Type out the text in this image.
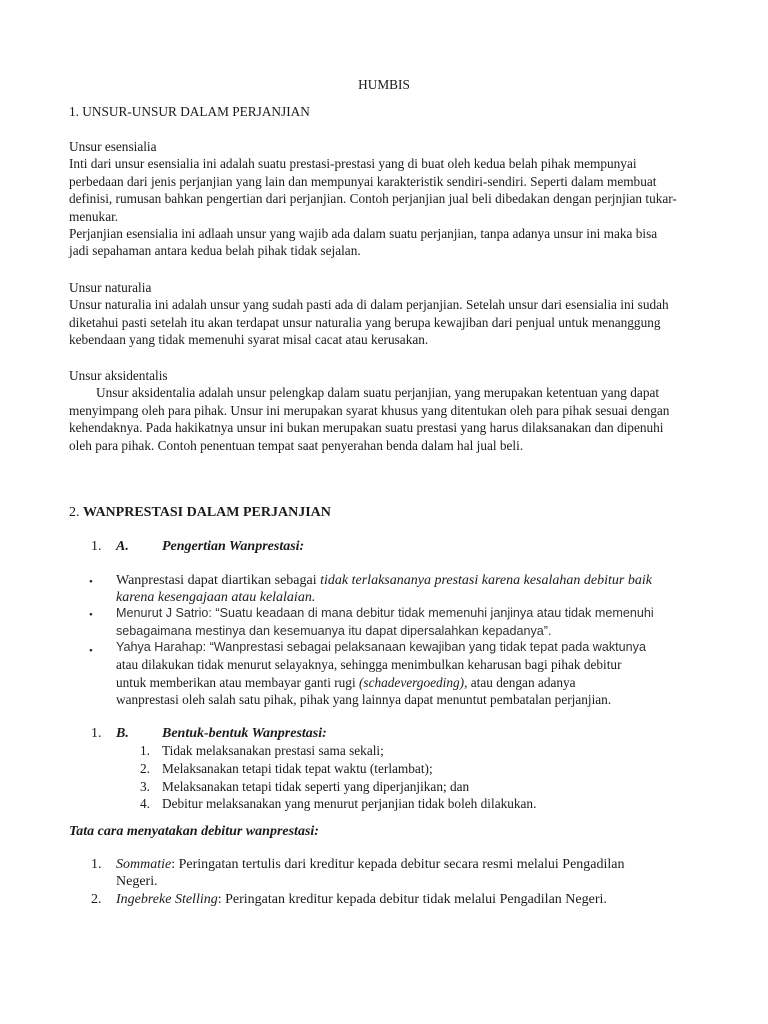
HUMBIS
1. UNSUR-UNSUR DALAM PERJANJIAN
Unsur esensialia
Inti dari unsur esensialia ini adalah suatu prestasi-prestasi yang di buat oleh kedua belah pihak mempunyai
perbedaan dari jenis perjanjian yang lain dan mempunyai karakteristik sendiri-sendiri. Seperti dalam membuat
definisi, rumusan bahkan pengertian dari perjanjian. Contoh perjanjian jual beli dibedakan dengan perjnjian tukar-
menukar.
Perjanjian esensialia ini adlaah unsur yang wajib ada dalam suatu perjanjian, tanpa adanya unsur ini maka bisa
jadi sepahaman antara kedua belah pihak tidak sejalan.
Unsur naturalia
Unsur naturalia ini adalah unsur yang sudah pasti ada di dalam perjanjian. Setelah unsur dari esensialia ini sudah
diketahui pasti setelah itu akan terdapat unsur naturalia yang berupa kewajiban dari penjual untuk menanggung
kebendaan yang tidak memenuhi syarat misal cacat atau kerusakan.
Unsur aksidentalis
Unsur aksidentalia adalah unsur pelengkap dalam suatu perjanjian, yang merupakan ketentuan yang dapat
menyimpang oleh para pihak. Unsur ini merupakan syarat khusus yang ditentukan oleh para pihak sesuai dengan
kehendaknya. Pada hakikatnya unsur ini bukan merupakan suatu prestasi yang harus dilaksanakan dan dipenuhi
oleh para pihak. Contoh penentuan tempat saat penyerahan benda dalam hal jual beli.
2. WANPRESTASI DALAM PERJANJIAN
1. A. Pengertian Wanprestasi:
• Wanprestasi dapat diartikan sebagai tidak terlaksananya prestasi karena kesalahan debitur baik
karena kesengajaan atau kelalaian.
• Menurut J Satrio: “Suatu keadaan di mana debitur tidak memenuhi janjinya atau tidak memenuhi
sebagaimana mestinya dan kesemuanya itu dapat dipersalahkan kepadanya”.
• Yahya Harahap: “Wanprestasi sebagai pelaksanaan kewajiban yang tidak tepat pada waktunya
atau dilakukan tidak menurut selayaknya, sehingga menimbulkan keharusan bagi pihak debitur
untuk memberikan atau membayar ganti rugi (schadevergoeding), atau dengan adanya
wanprestasi oleh salah satu pihak, pihak yang lainnya dapat menuntut pembatalan perjanjian.
1. B. Bentuk-bentuk Wanprestasi:
1. Tidak melaksanakan prestasi sama sekali;
2. Melaksanakan tetapi tidak tepat waktu (terlambat);
3. Melaksanakan tetapi tidak seperti yang diperjanjikan; dan
4. Debitur melaksanakan yang menurut perjanjian tidak boleh dilakukan.
Tata cara menyatakan debitur wanprestasi:
1. Sommatie: Peringatan tertulis dari kreditur kepada debitur secara resmi melalui Pengadilan
Negeri.
2. Ingebreke Stelling: Peringatan kreditur kepada debitur tidak melalui Pengadilan Negeri.
